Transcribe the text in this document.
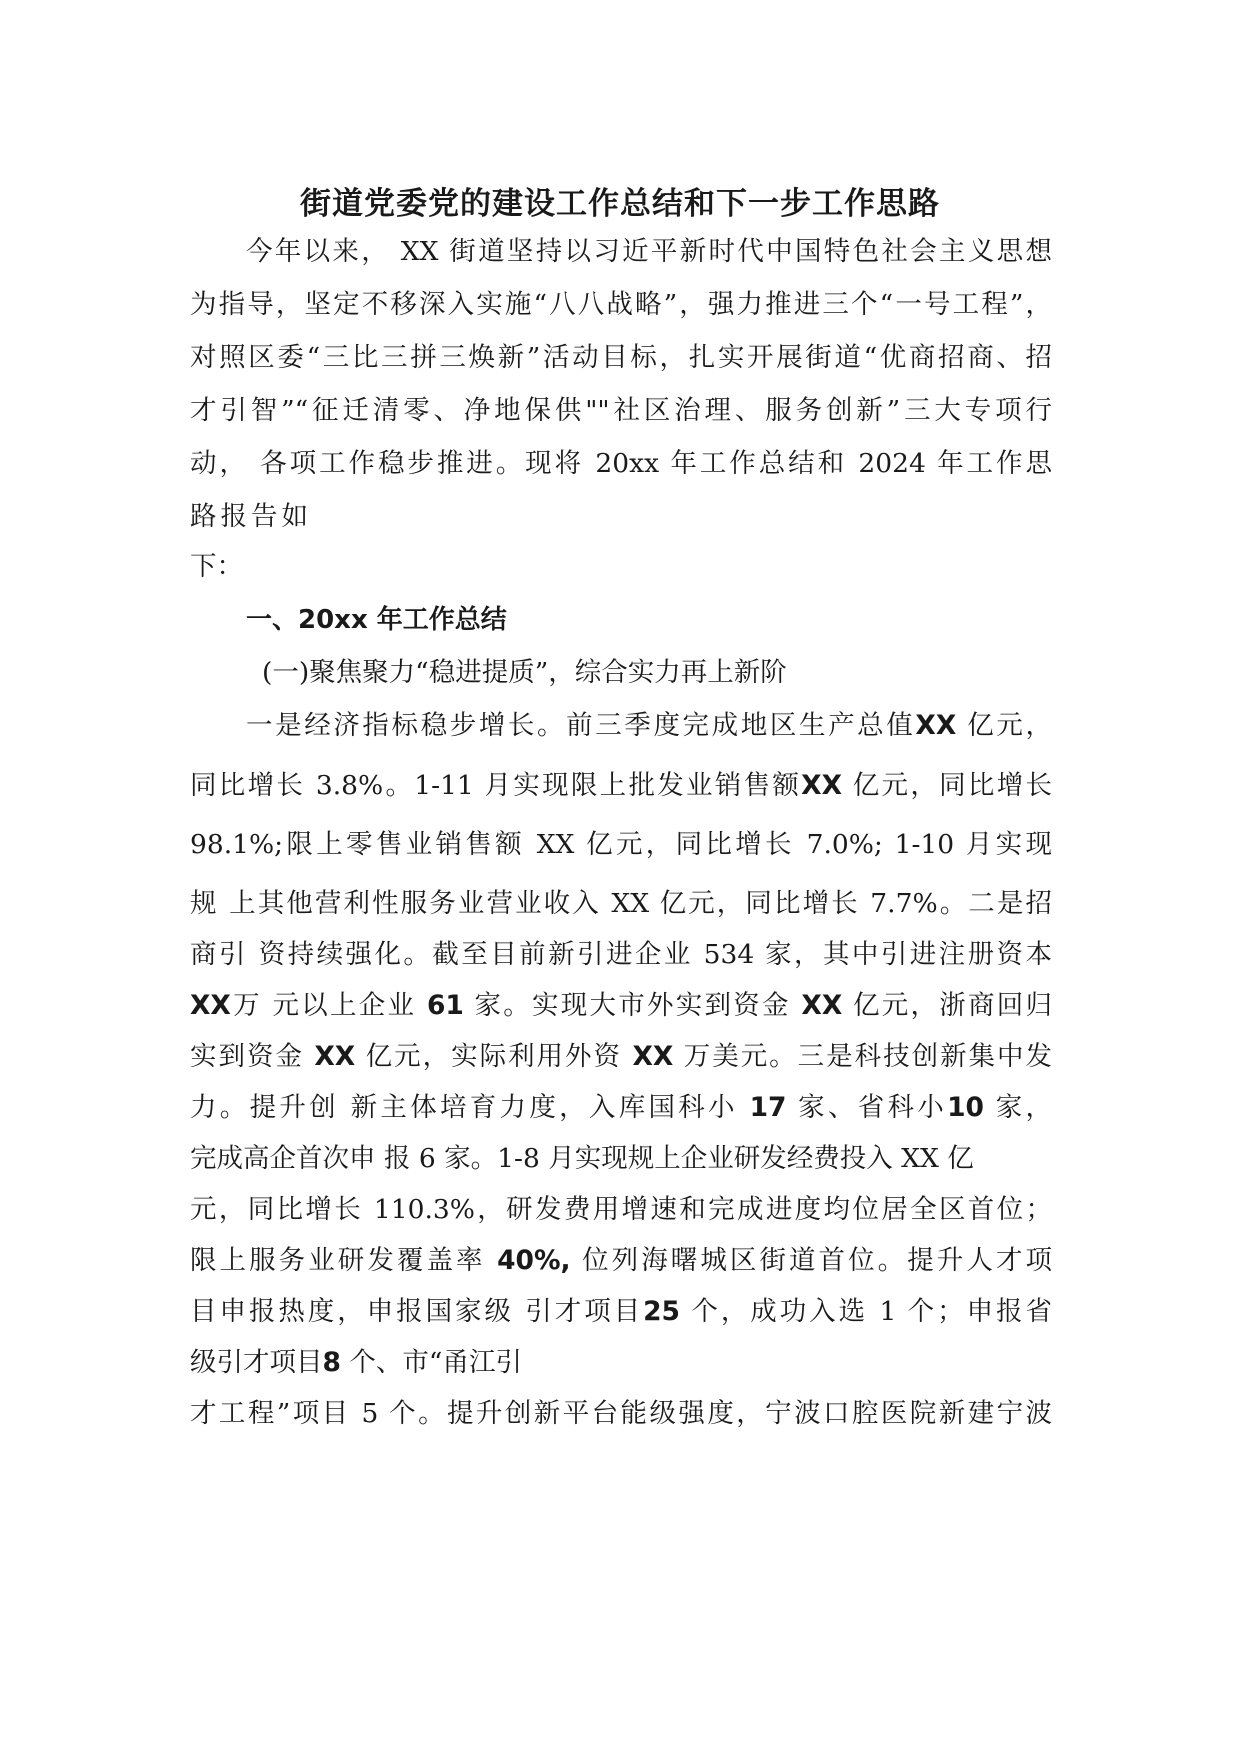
街道党委党的建设工作总结和下一步工作思路
今年以来， XX 街道坚持以习近平新时代中国特色社会主义思想
为指导，坚定不移深入实施“八八战略”，强力推进三个“一号工程”，
对照区委“三比三拼三焕新”活动目标，扎实开展街道“优商招商、招
才引智”“征迁清零、净地保供""社区治理、服务创新”三大专项行
动， 各项工作稳步推进。现将 20xx 年工作总结和 2024 年工作思
路报告如
下：
一、20xx 年工作总结
(一)聚焦聚力“稳进提质”，综合实力再上新阶
一是经济指标稳步增长。前三季度完成地区生产总值XX 亿元，
同比增长 3.8%。1-11 月实现限上批发业销售额XX 亿元，同比增长
98.1%;限上零售业销售额 XX 亿元，同比增长 7.0%; 1-10 月实现
规 上其他营利性服务业营业收入 XX 亿元，同比增长 7.7%。二是招
商引 资持续强化。截至目前新引进企业 534 家，其中引进注册资本
XX万 元以上企业 61 家。实现大市外实到资金 XX 亿元，浙商回归
实到资金 XX 亿元，实际利用外资 XX 万美元。三是科技创新集中发
力。提升创 新主体培育力度，入库国科小 17 家、省科小10 家，
完成高企首次申 报 6 家。1-8 月实现规上企业研发经费投入 XX 亿
元，同比增长 110.3%，研发费用增速和完成进度均位居全区首位；
限上服务业研发覆盖率 40%, 位列海曙城区街道首位。提升人才项
目申报热度，申报国家级 引才项目25 个，成功入选 1 个；申报省
级引才项目8 个、市“甬江引
才工程”项目 5 个。提升创新平台能级强度，宁波口腔医院新建宁波
